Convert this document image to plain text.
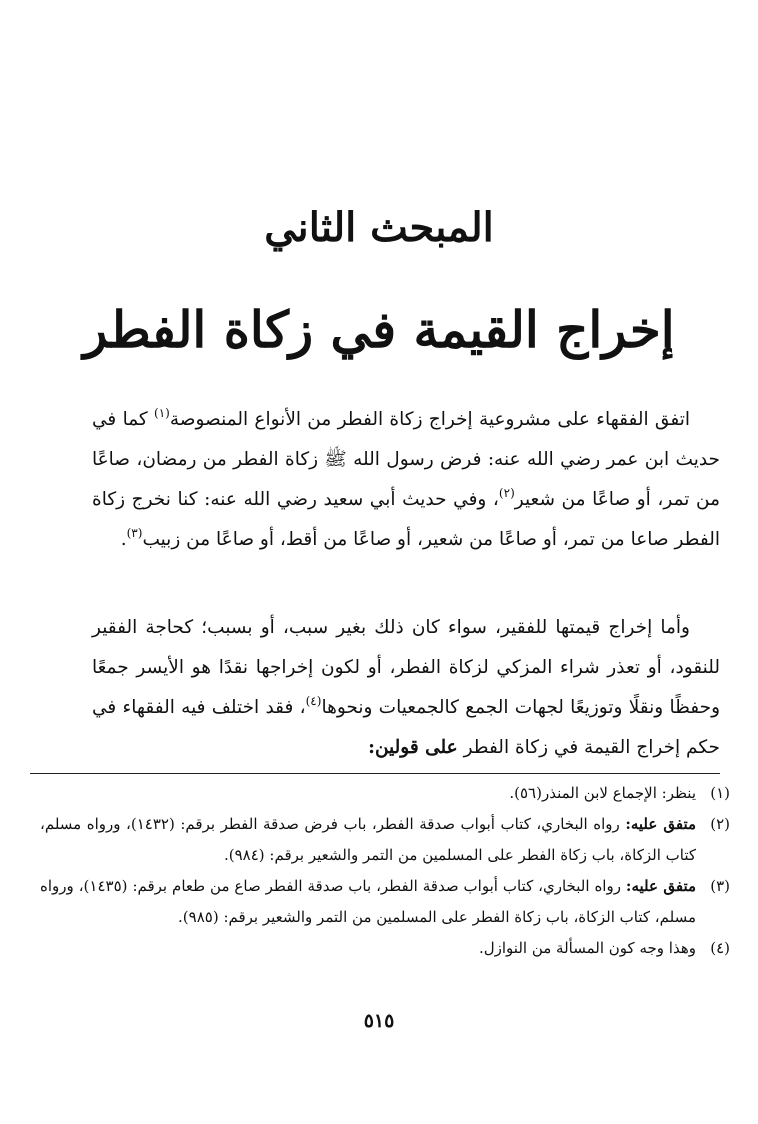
المبحث الثاني
إخراج القيمة في زكاة الفطر
اتفق الفقهاء على مشروعية إخراج زكاة الفطر من الأنواع المنصوصة$^{(١)}$ كما في حديث ابن عمر رضي الله عنه: فرض رسول الله ﷺ زكاة الفطر من رمضان، صاعًا من تمر، أو صاعًا من شعير$^{(٢)}$، وفي حديث أبي سعيد رضي الله عنه: كنا نخرج زكاة الفطر صاعا من تمر، أو صاعًا من شعير، أو صاعًا من أقط، أو صاعًا من زبيب$^{(٣)}$.
وأما إخراج قيمتها للفقير، سواء كان ذلك بغير سبب، أو بسبب؛ كحاجة الفقير للنقود، أو تعذر شراء المزكي لزكاة الفطر، أو لكون إخراجها نقدًا هو الأيسر جمعًا وحفظًا ونقلًا وتوزيعًا لجهات الجمع كالجمعيات ونحوها$^{(٤)}$، فقد اختلف فيه الفقهاء في حكم إخراج القيمة في زكاة الفطر على قولين:
(١)
ينظر: الإجماع لابن المنذر(٥٦).
(٢)
متفق عليه: رواه البخاري، كتاب أبواب صدقة الفطر، باب فرض صدقة الفطر برقم: (١٤٣٢)، ورواه مسلم، كتاب الزكاة، باب زكاة الفطر على المسلمين من التمر والشعير برقم: (٩٨٤).
(٣)
متفق عليه: رواه البخاري، كتاب أبواب صدقة الفطر، باب صدقة الفطر صاع من طعام برقم: (١٤٣٥)، ورواه مسلم، كتاب الزكاة، باب زكاة الفطر على المسلمين من التمر والشعير برقم: (٩٨٥).
(٤)
وهذا وجه كون المسألة من النوازل.
٥١٥
